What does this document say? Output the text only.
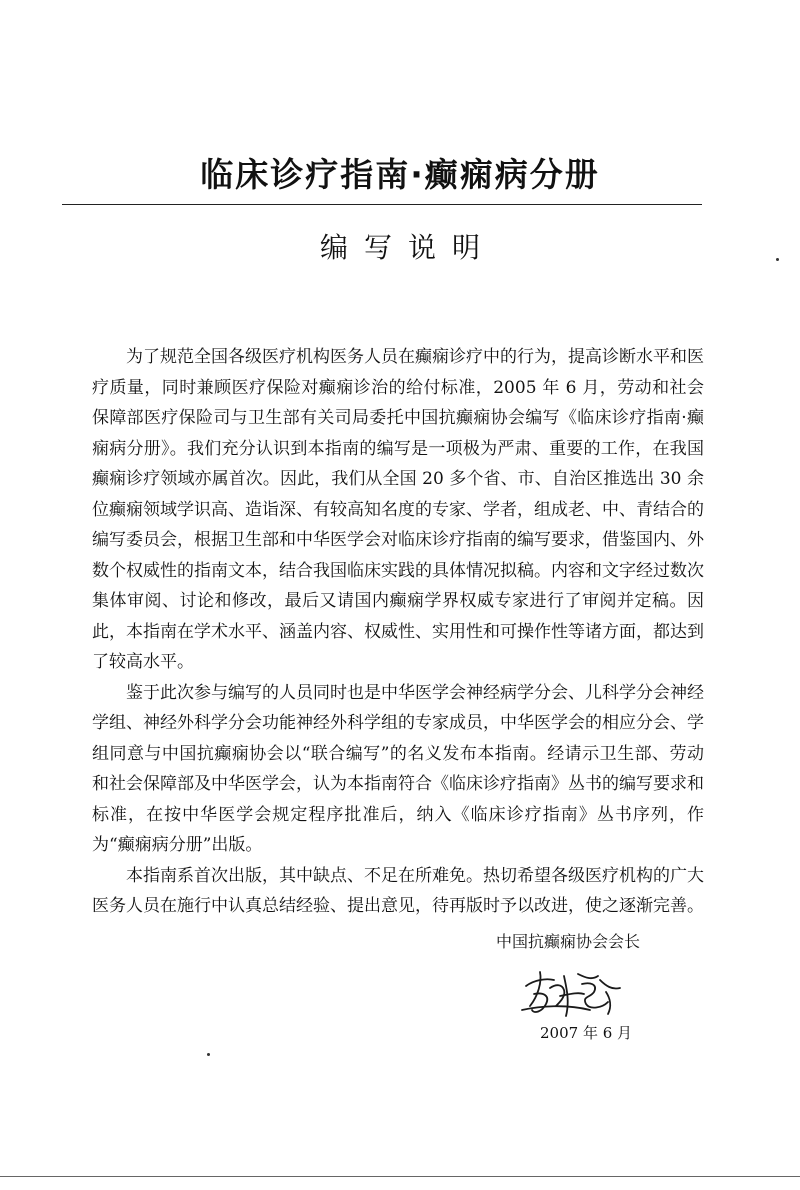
临床诊疗指南·癫痫病分册
编写说明

为了规范全国各级医疗机构医务人员在癫痫诊疗中的行为，提高诊断水平和医疗质量，同时兼顾医疗保险对癫痫诊治的给付标准，2005 年 6 月，劳动和社会保障部医疗保险司与卫生部有关司局委托中国抗癫痫协会编写《临床诊疗指南·癫痫病分册》。我们充分认识到本指南的编写是一项极为严肃、重要的工作，在我国癫痫诊疗领域亦属首次。因此，我们从全国 20 多个省、市、自治区推选出 30 余位癫痫领域学识高、造诣深、有较高知名度的专家、学者，组成老、中、青结合的编写委员会，根据卫生部和中华医学会对临床诊疗指南的编写要求，借鉴国内、外数个权威性的指南文本，结合我国临床实践的具体情况拟稿。内容和文字经过数次集体审阅、讨论和修改，最后又请国内癫痫学界权威专家进行了审阅并定稿。因此，本指南在学术水平、涵盖内容、权威性、实用性和可操作性等诸方面，都达到了较高水平。

鉴于此次参与编写的人员同时也是中华医学会神经病学分会、儿科学分会神经学组、神经外科学分会功能神经外科学组的专家成员，中华医学会的相应分会、学组同意与中国抗癫痫协会以“联合编写”的名义发布本指南。经请示卫生部、劳动和社会保障部及中华医学会，认为本指南符合《临床诊疗指南》丛书的编写要求和标准，在按中华医学会规定程序批准后，纳入《临床诊疗指南》丛书序列，作为“癫痫病分册”出版。

本指南系首次出版，其中缺点、不足在所难免。热切希望各级医疗机构的广大医务人员在施行中认真总结经验、提出意见，待再版时予以改进，使之逐渐完善。

中国抗癫痫协会会长
2007 年 6 月
